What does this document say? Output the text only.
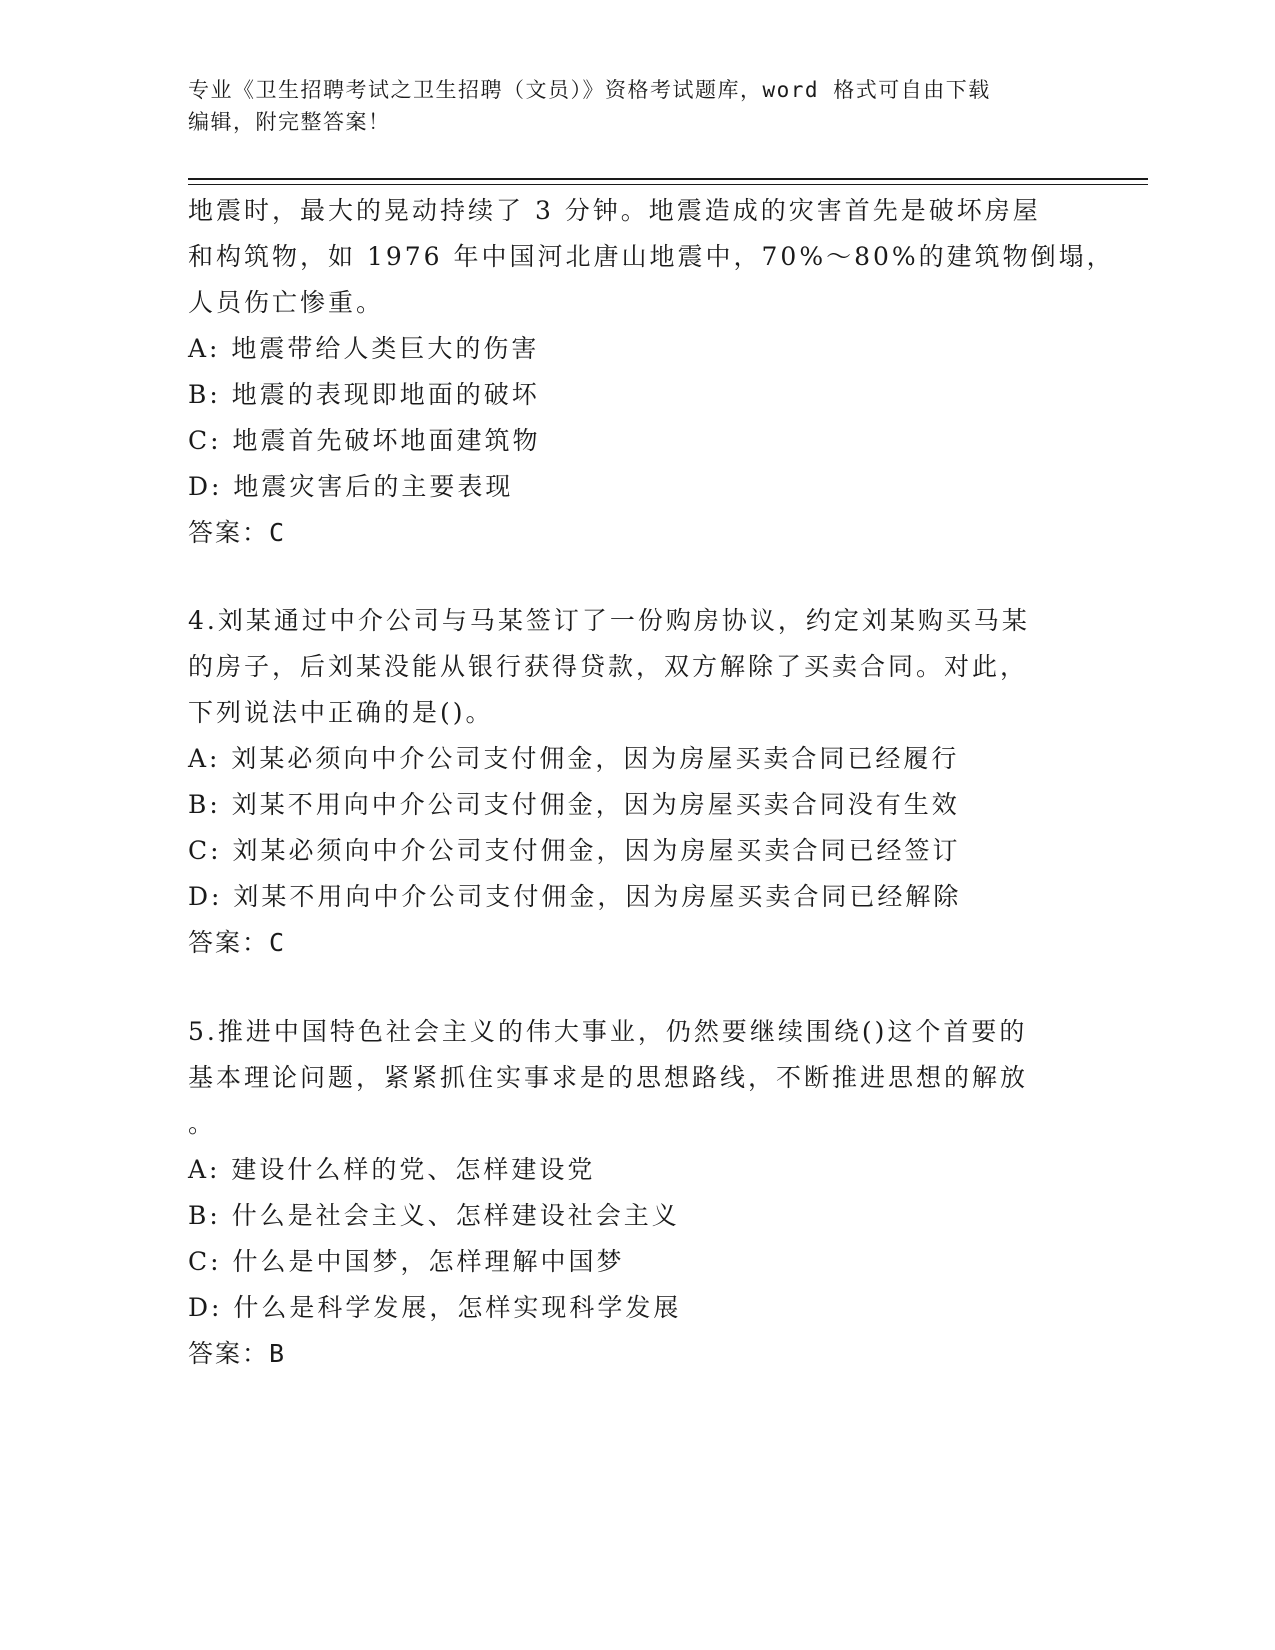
专业《卫生招聘考试之卫生招聘（文员）》资格考试题库，word 格式可自由下载

编辑，附完整答案！

地震时，最大的晃动持续了 3 分钟。地震造成的灾害首先是破坏房屋
和构筑物，如 1976 年中国河北唐山地震中，70%～80%的建筑物倒塌，
人员伤亡惨重。
A: 地震带给人类巨大的伤害
B: 地震的表现即地面的破坏
C: 地震首先破坏地面建筑物
D: 地震灾害后的主要表现
答案：C
4.刘某通过中介公司与马某签订了一份购房协议，约定刘某购买马某
的房子，后刘某没能从银行获得贷款，双方解除了买卖合同。对此，
下列说法中正确的是()。
A: 刘某必须向中介公司支付佣金，因为房屋买卖合同已经履行
B: 刘某不用向中介公司支付佣金，因为房屋买卖合同没有生效
C: 刘某必须向中介公司支付佣金，因为房屋买卖合同已经签订
D: 刘某不用向中介公司支付佣金，因为房屋买卖合同已经解除
答案：C
5.推进中国特色社会主义的伟大事业，仍然要继续围绕()这个首要的
基本理论问题，紧紧抓住实事求是的思想路线，不断推进思想的解放
。
A: 建设什么样的党、怎样建设党
B: 什么是社会主义、怎样建设社会主义
C: 什么是中国梦，怎样理解中国梦
D: 什么是科学发展，怎样实现科学发展
答案：B
